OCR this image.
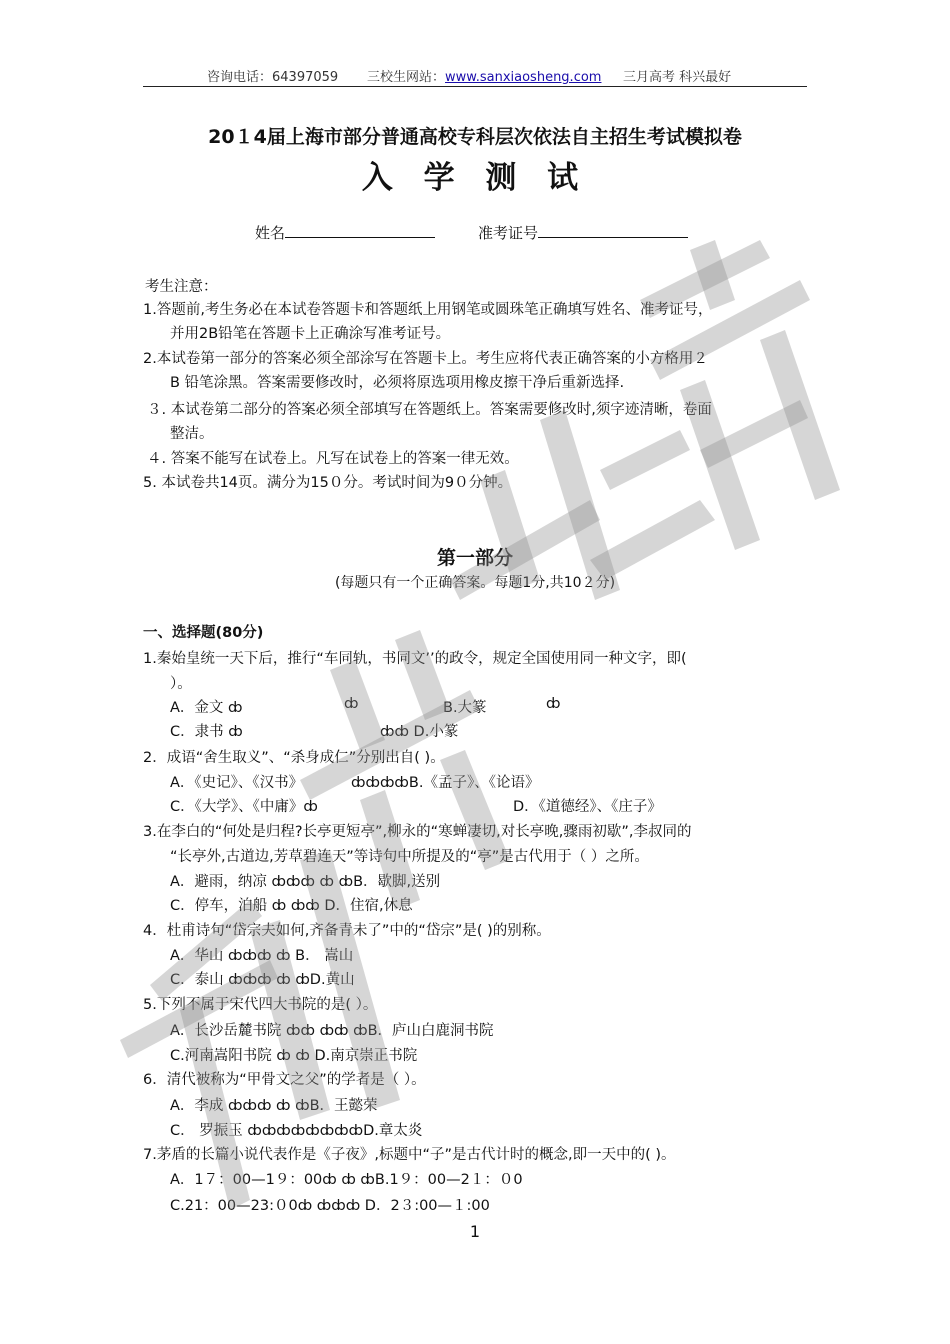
咨询电话：64397059 三校生网站：www.sanxiaosheng.com 三月高考 科兴最好
20１4届上海市部分普通高校专科层次依法自主招生考试模拟卷
入 学 测 试
姓名	准考证号
考生注意：
1.答题前,考生务必在本试卷答题卡和答题纸上用钢笔或圆珠笔正确填写姓名、准考证号，
并用2B铅笔在答题卡上正确涂写准考证号。
2.本试卷第一部分的答案必须全部涂写在答题卡上。考生应将代表正确答案的小方格用２
B 铅笔涂黑。答案需要修改时，必须将原选项用橡皮擦干净后重新选择.
３. 本试卷第二部分的答案必须全部填写在答题纸上。答案需要修改时,须字迹清晰，卷面
整洁。
４. 答案不能写在试卷上。凡写在试卷上的答案一律无效。
5. 本试卷共14页。满分为15０分。考试时间为9０分钟。
第一部分
(每题只有一个正确答案。每题1分,共10２分)
一、选择题(80分)
1.秦始皇统一天下后，推行“车同轨，书同文’’的政令，规定全国使用同一种文字，即(
）。
A．金文 ȸ	ȸ	B.大篆	ȸ
C．隶书 ȸ	ȸȸ D.小篆
2．成语“舍生取义”、“杀身成仁”分别出自( )。
A．《史记》、《汉书》	ȸȸȸȸB.《孟子》、《论语》
C．《大学》、《中庸》ȸ	D．《道德经》、《庄子》
3.在李白的“何处是归程?长亭更短亭”,柳永的“寒蝉凄切,对长亭晚,骤雨初歇”,李叔同的
“长亭外,古道边,芳草碧连天”等诗句中所提及的“亭”是古代用于（ ）之所。
A．避雨，纳凉 ȸȸȸ ȸ ȸB．歇脚,送别
C．停车，泊船 ȸ ȸȸ D．住宿,休息
4．杜甫诗句“岱宗夫如何,齐备青未了”中的“岱宗”是( )的别称。
A．华山 ȸȸȸ ȸ B． 嵩山
C．泰山 ȸȸȸ ȸ ȸD.黄山
5.下列不属于宋代四大书院的是( ）。
A．长沙岳麓书院 ȸȸ ȸȸ ȸB．庐山白鹿洞书院
C.河南嵩阳书院 ȸ ȸ D.南京崇正书院
6．清代被称为“甲骨文之父”的学者是（ ）。
A．李成 ȸȸȸ ȸ ȸB．王懿荣
C． 罗振玉 ȸȸȸȸȸȸȸȸD.章太炎
7.茅盾的长篇小说代表作是《子夜》,标题中“子”是古代计时的概念,即一天中的( )。
A．1７：00—1９：00ȸ ȸ ȸB.1９：00—2１：０0
C.21：00—23:０0ȸ ȸȸȸ D．2３:00—１:00
1
